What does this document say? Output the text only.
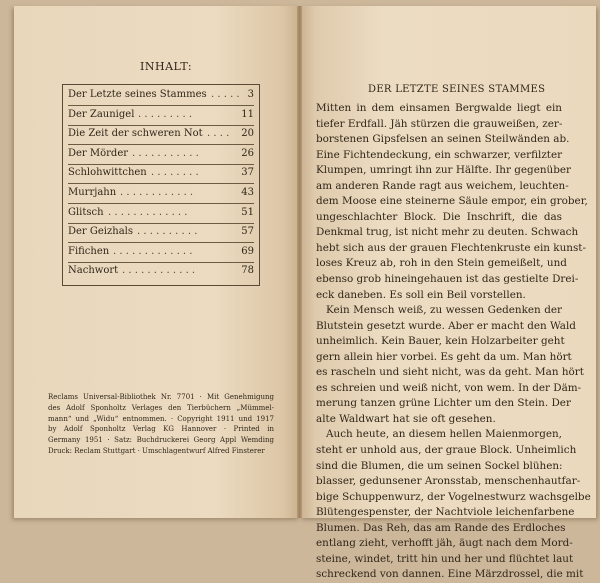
INHALT:
Der Letzte seines Stammes . . . . . 3
Der Zaunigel . . . . . . . . .	11
Die Zeit der schweren Not . . . . 20
Der Mörder . . . . . . . . . . .	26
Schlohwittchen . . . . . . . .	37
Murrjahn . . . . . . . . . . . .	43
Glitsch . . . . . . . . . . . . .	51
Der Geizhals . . . . . . . . . .	57
Fifichen . . . . . . . . . . . . .	69
Nachwort . . . . . . . . . . . .	78
Reclams Universal-Bibliothek Nr. 7701 · Mit Genehmigung
des Adolf Sponholtz Verlages den Tierbüchern „Mümmel-
mann“ und „Widu“ entnommen. · Copyright 1911 und 1917
by Adolf Sponholtz Verlag KG Hannover · Printed in
Germany 1951 · Satz: Buchdruckerei Georg Appl Wemding
Druck: Reclam Stuttgart · Umschlagentwurf Alfred Finsterer
DER LETZTE SEINES STAMMES
Mitten in dem einsamen Bergwalde liegt ein
tiefer Erdfall. Jäh stürzen die grauweißen, zer-
borstenen Gipsfelsen an seinen Steilwänden ab.
Eine Fichtendeckung, ein schwarzer, verfilzter
Klumpen, umringt ihn zur Hälfte. Ihr gegenüber
am anderen Rande ragt aus weichem, leuchten-
dem Moose eine steinerne Säule empor, ein grober,
ungeschlachter Block. Die Inschrift, die das
Denkmal trug, ist nicht mehr zu deuten. Schwach
hebt sich aus der grauen Flechtenkruste ein kunst-
loses Kreuz ab, roh in den Stein gemeißelt, und
ebenso grob hineingehauen ist das gestielte Drei-
eck daneben. Es soll ein Beil vorstellen.
Kein Mensch weiß, zu wessen Gedenken der
Blutstein gesetzt wurde. Aber er macht den Wald
unheimlich. Kein Bauer, kein Holzarbeiter geht
gern allein hier vorbei. Es geht da um. Man hört
es rascheln und sieht nicht, was da geht. Man hört
es schreien und weiß nicht, von wem. In der Däm-
merung tanzen grüne Lichter um den Stein. Der
alte Waldwart hat sie oft gesehen.
Auch heute, an diesem hellen Maienmorgen,
steht er unhold aus, der graue Block. Unheimlich
sind die Blumen, die um seinen Sockel blühen:
blasser, gedunsener Aronsstab, menschenhautfar-
bige Schuppenwurz, der Vogelnestwurz wachsgelbe
Blütengespenster, der Nachtviole leichenfarbene
Blumen. Das Reh, das am Rande des Erdloches
entlang zieht, verhofft jäh, äugt nach dem Mord-
steine, windet, tritt hin und her und flüchtet laut
schreckend von dannen. Eine Märzdrossel, die mit
